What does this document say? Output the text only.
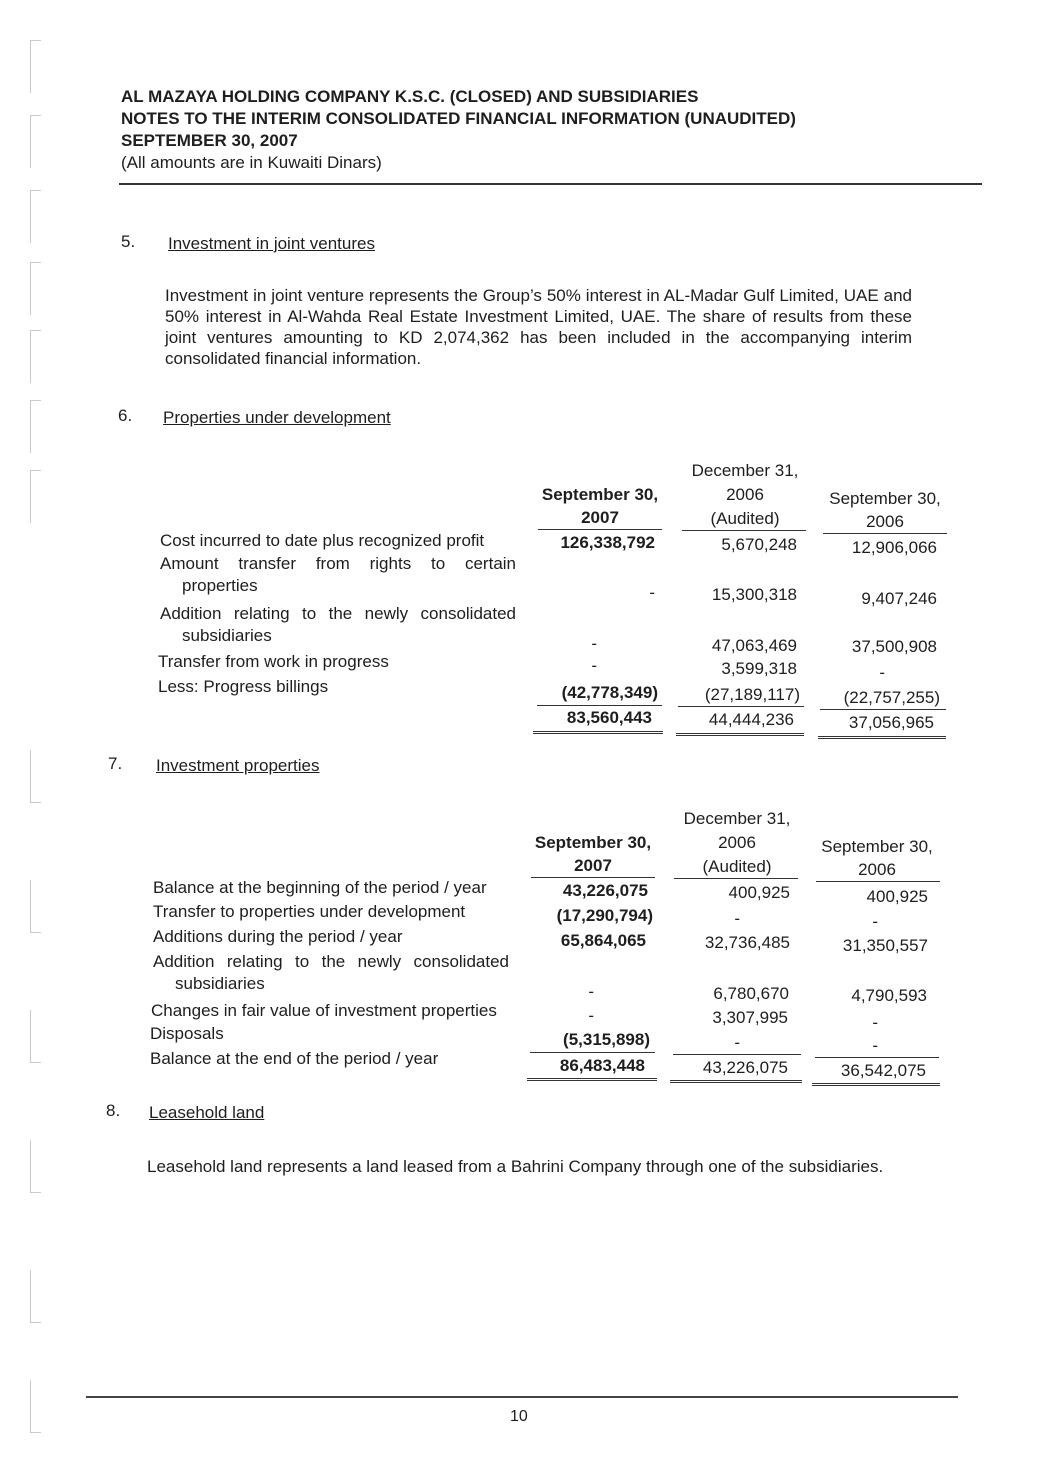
AL MAZAYA HOLDING COMPANY K.S.C. (CLOSED) AND SUBSIDIARIES
NOTES TO THE INTERIM CONSOLIDATED FINANCIAL INFORMATION (UNAUDITED)
SEPTEMBER 30, 2007
(All amounts are in Kuwaiti Dinars)
5. Investment in joint ventures
Investment in joint venture represents the Group’s 50% interest in AL-Madar Gulf Limited, UAE and 50% interest in Al-Wahda Real Estate Investment Limited, UAE. The share of results from these joint ventures amounting to KD 2,074,362 has been included in the accompanying interim consolidated financial information.
6. Properties under development
December 31,
September 30,	2006	September 30,
2007	(Audited)	2006
Cost incurred to date plus recognized profit	126,338,792	5,670,248	12,906,066
Amount transfer from rights to certain
properties	-	15,300,318	9,407,246
Addition relating to the newly consolidated
subsidiaries	-	47,063,469	37,500,908
Transfer from work in progress	-	3,599,318	-
Less: Progress billings	(42,778,349)	(27,189,117)	(22,757,255)
83,560,443	44,444,236	37,056,965
7. Investment properties
December 31,
September 30,	2006	September 30,
2007	(Audited)	2006
Balance at the beginning of the period / year	43,226,075	400,925	400,925
Transfer to properties under development	(17,290,794)	-	-
Additions during the period / year	65,864,065	32,736,485	31,350,557
Addition relating to the newly consolidated
subsidiaries	-	6,780,670	4,790,593
Changes in fair value of investment properties	-	3,307,995	-
Disposals	(5,315,898)	-	-
Balance at the end of the period / year	86,483,448	43,226,075	36,542,075
8. Leasehold land
Leasehold land represents a land leased from a Bahrini Company through one of the subsidiaries.
10
